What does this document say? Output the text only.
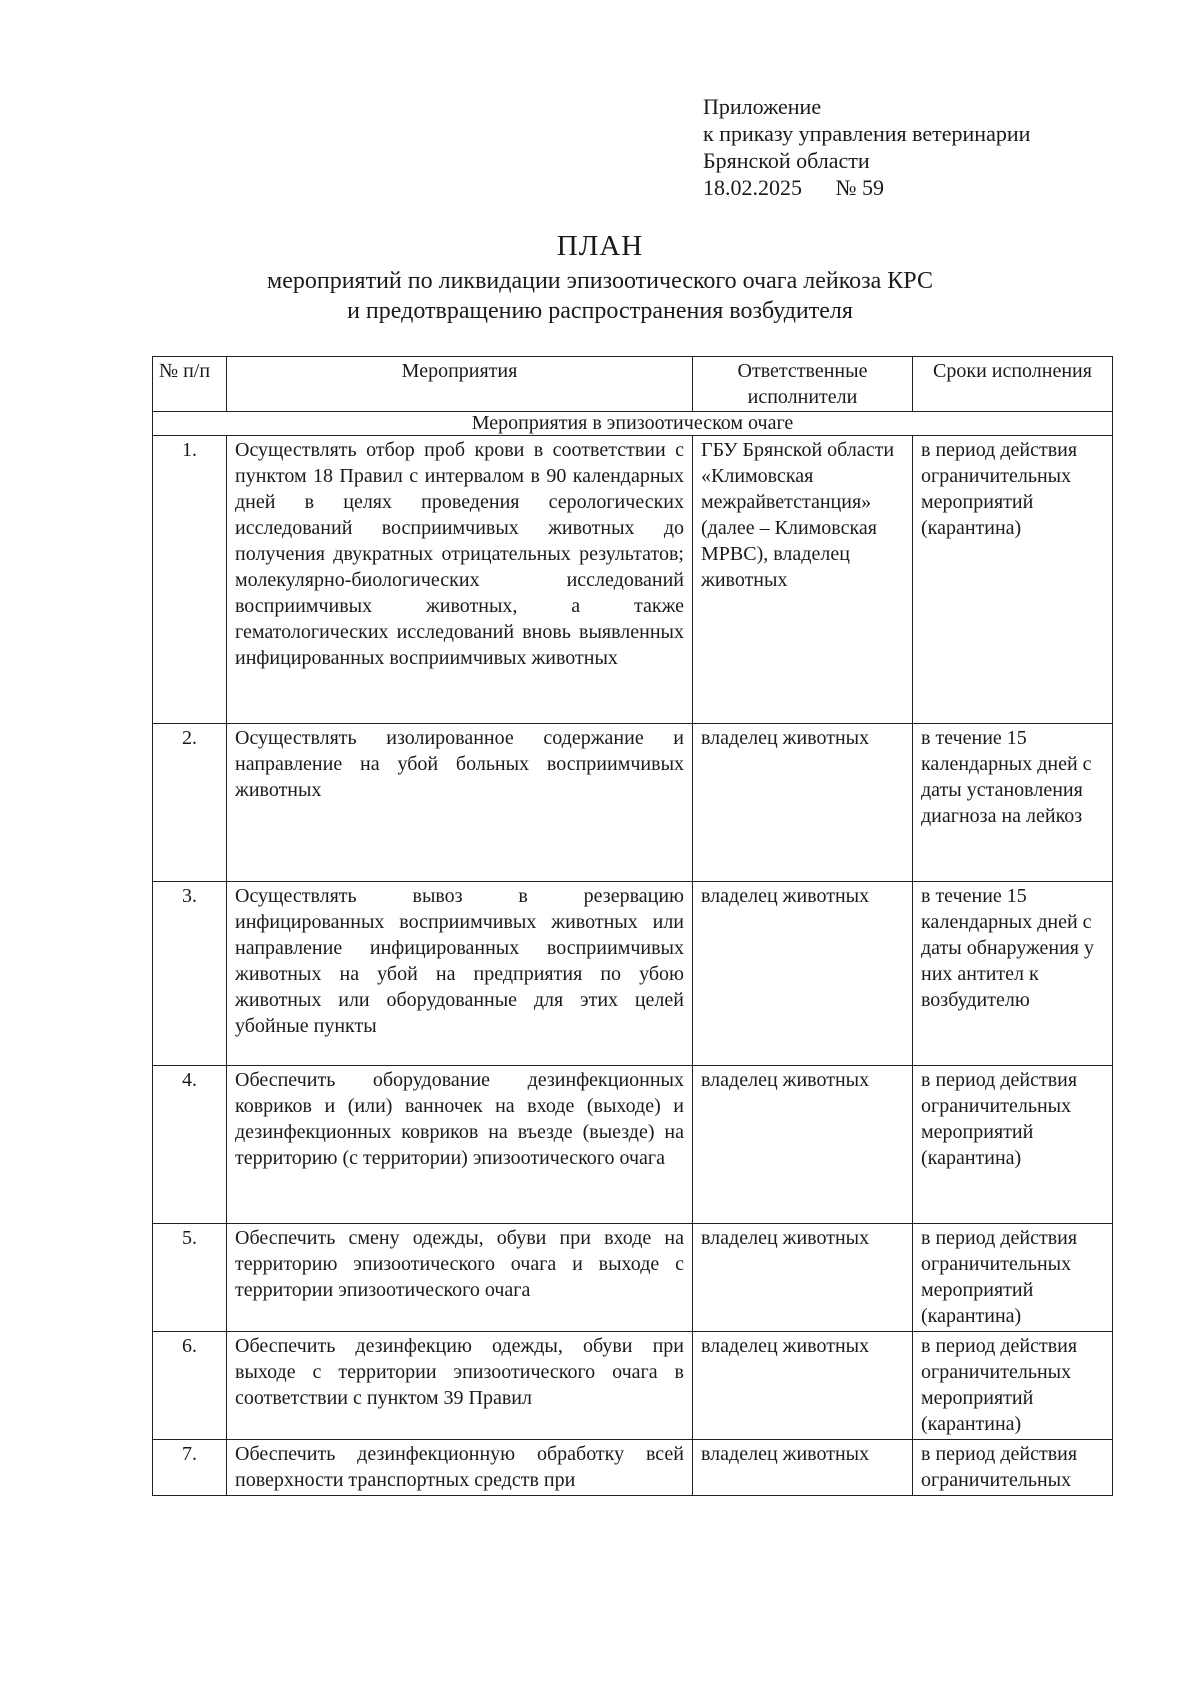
Приложение
к приказу управления ветеринарии
Брянской области
18.02.2025 № 59
ПЛАН
мероприятий по ликвидации эпизоотического очага лейкоза КРС
и предотвращению распространения возбудителя
№ п/п	Мероприятия	Ответственные исполнители	Сроки исполнения
Мероприятия в эпизоотическом очаге			
1.	Осуществлять отбор проб крови в соответствии с пунктом 18 Правил с интервалом в 90 календарных дней в целях проведения серологических исследований восприимчивых животных до получения двукратных отрицательных результатов; молекулярно-биологических исследований восприимчивых животных, а также гематологических исследований вновь выявленных инфицированных восприимчивых животных	ГБУ Брянской области «Климовская межрайветстанция» (далее – Климовская МРВС), владелец животных	в период действия ограничительных мероприятий (карантина)
2.	Осуществлять изолированное содержание и направление на убой больных восприимчивых животных	владелец животных	в течение 15 календарных дней с даты установления диагноза на лейкоз
3.	Осуществлять вывоз в резервацию инфицированных восприимчивых животных или направление инфицированных восприимчивых животных на убой на предприятия по убою животных или оборудованные для этих целей убойные пункты	владелец животных	в течение 15 календарных дней с даты обнаружения у них антител к возбудителю
4.	Обеспечить оборудование дезинфекционных ковриков и (или) ванночек на входе (выходе) и дезинфекционных ковриков на въезде (выезде) на территорию (с территории) эпизоотического очага	владелец животных	в период действия ограничительных мероприятий (карантина)
5.	Обеспечить смену одежды, обуви при входе на территорию эпизоотического очага и выходе с территории эпизоотического очага	владелец животных	в период действия ограничительных мероприятий (карантина)
6.	Обеспечить дезинфекцию одежды, обуви при выходе с территории эпизоотического очага в соответствии с пунктом 39 Правил	владелец животных	в период действия ограничительных мероприятий (карантина)
7.	Обеспечить дезинфекционную обработку всей поверхности транспортных средств при	владелец животных	в период действия ограничительных
